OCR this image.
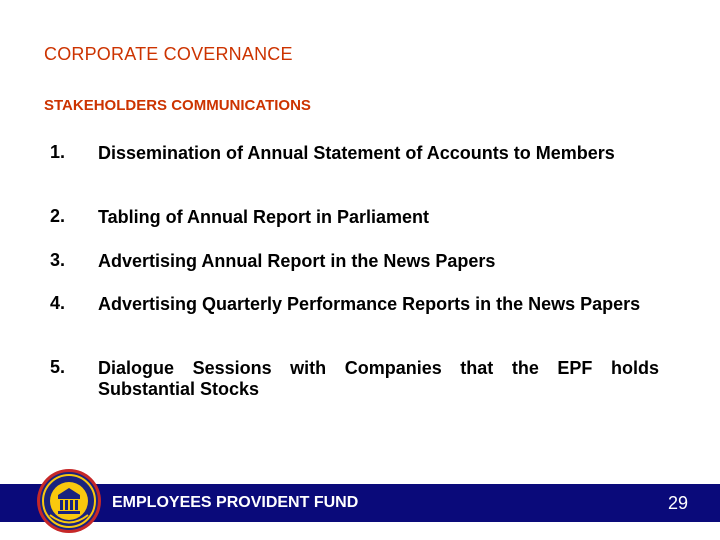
CORPORATE COVERNANCE
STAKEHOLDERS COMMUNICATIONS
1. Dissemination of Annual Statement of Accounts to Members
2. Tabling of Annual Report in Parliament
3. Advertising Annual Report in the News Papers
4. Advertising Quarterly Performance Reports in the News Papers
5. Dialogue Sessions with Companies that the EPF holds Substantial Stocks
EMPLOYEES PROVIDENT FUND	29
